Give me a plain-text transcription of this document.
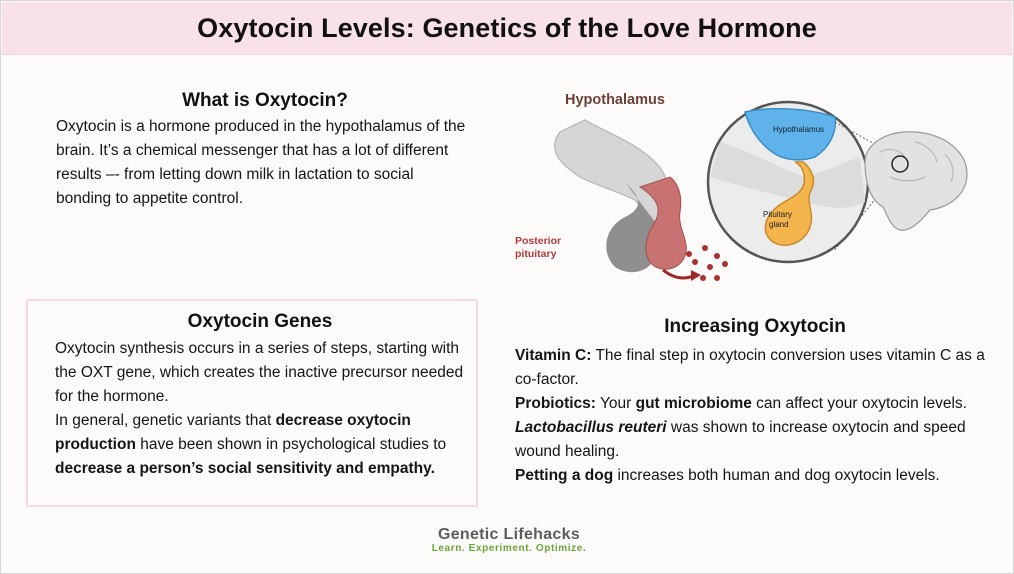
Oxytocin Levels: Genetics of the Love Hormone
What is Oxytocin?

Oxytocin is a hormone produced in the hypothalamus of the brain. It’s a chemical messenger that has a lot of different results –- from letting down milk in lactation to social bonding to appetite control.

Hypothalamus
Posterior
pituitary
Hypothalamus
Pituitary
gland
Oxytocin Genes

Oxytocin synthesis occurs in a series of steps, starting with the OXT gene, which creates the inactive precursor needed for the hormone.

In general, genetic variants that decrease oxytocin production have been shown in psychological studies to decrease a person’s social sensitivity and empathy.

Increasing Oxytocin

Vitamin C: The final step in oxytocin conversion uses vitamin C as a co-factor.

Probiotics: Your gut microbiome can affect your oxytocin levels. Lactobacillus reuteri was shown to increase oxytocin and speed wound healing.

Petting a dog increases both human and dog oxytocin levels.

Genetic Lifehacks
Learn. Experiment. Optimize.
